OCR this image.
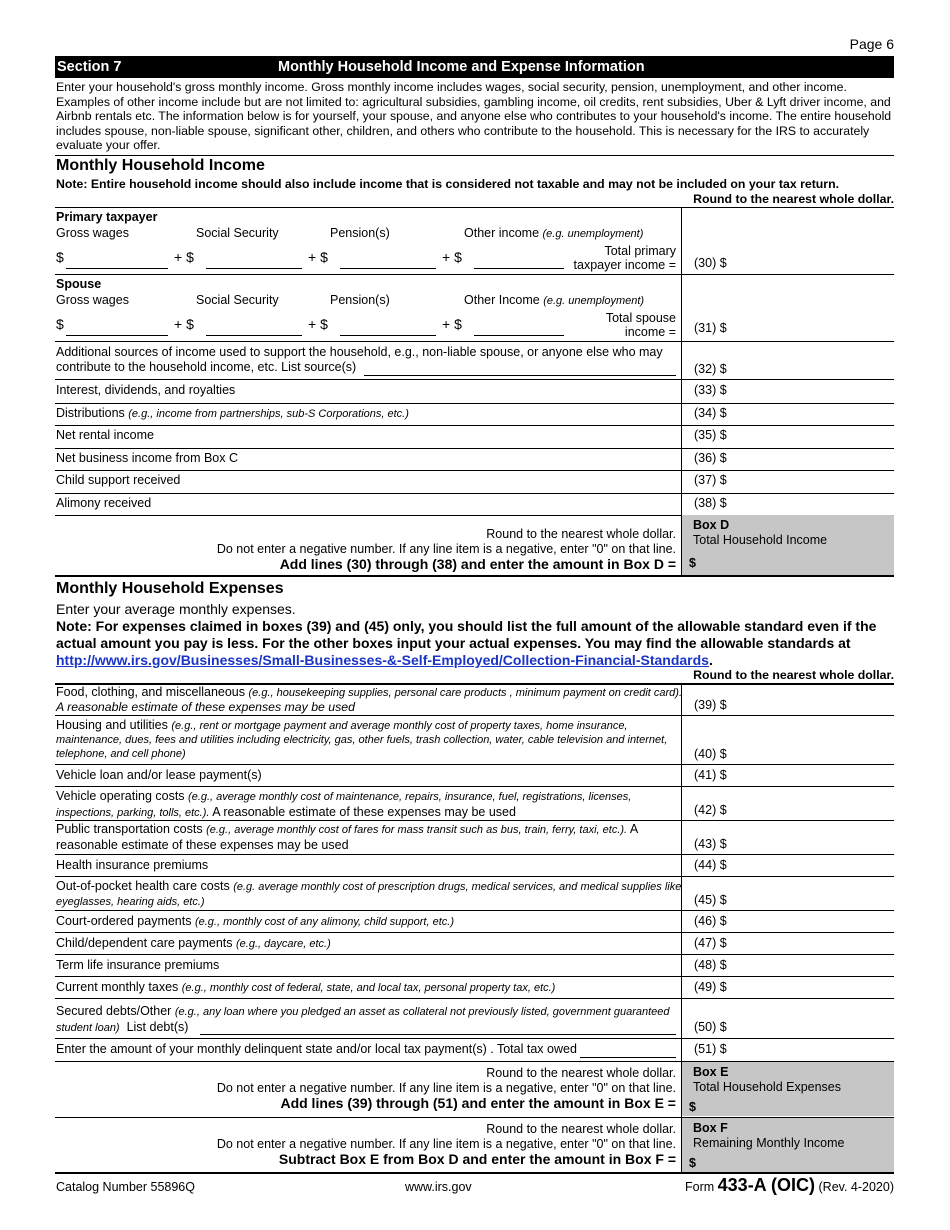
Page 6
Section 7	Monthly Household Income and Expense Information
Enter your household's gross monthly income. Gross monthly income includes wages, social security, pension, unemployment, and other income. Examples of other income include but are not limited to: agricultural subsidies, gambling income, oil credits, rent subsidies, Uber & Lyft driver income, and Airbnb rentals etc. The information below is for yourself, your spouse, and anyone else who contributes to your household's income. The entire household includes spouse, non-liable spouse, significant other, children, and others who contribute to the household. This is necessary for the IRS to accurately evaluate your offer.
Monthly Household Income
Note: Entire household income should also include income that is considered not taxable and may not be included on your tax return.
Round to the nearest whole dollar.
Primary taxpayer
Gross wages	Social Security	Pension(s)	Other income (e.g. unemployment)
$	+ $	+ $	+ $	Total primary
taxpayer income = (30) $
Spouse
Gross wages	Social Security	Pension(s)	Other Income (e.g. unemployment)
$	+ $	+ $	+ $	Total spouse
income = (31) $
Additional sources of income used to support the household, e.g., non-liable spouse, or anyone else who may
contribute to the household income, etc. List source(s)	(32) $
Interest, dividends, and royalties	(33) $
Distributions (e.g., income from partnerships, sub-S Corporations, etc.)	(34) $
Net rental income	(35) $
Net business income from Box C	(36) $
Child support received	(37) $
Alimony received	(38) $
Box D
Total Household Income
$
Round to the nearest whole dollar.
Do not enter a negative number. If any line item is a negative, enter "0" on that line.
Add lines (30) through (38) and enter the amount in Box D =
Monthly Household Expenses
Enter your average monthly expenses.
Note: For expenses claimed in boxes (39) and (45) only, you should list the full amount of the allowable standard even if the actual amount you pay is less. For the other boxes input your actual expenses. You may find the allowable standards at http://www.irs.gov/Businesses/Small-Businesses-&-Self-Employed/Collection-Financial-Standards.
Round to the nearest whole dollar.
Food, clothing, and miscellaneous (e.g., housekeeping supplies, personal care products , minimum payment on credit card).
A reasonable estimate of these expenses may be used	(39) $
Housing and utilities (e.g., rent or mortgage payment and average monthly cost of property taxes, home insurance,
maintenance, dues, fees and utilities including electricity, gas, other fuels, trash collection, water, cable television and internet,
telephone, and cell phone)	(40) $
Vehicle loan and/or lease payment(s)	(41) $
Vehicle operating costs (e.g., average monthly cost of maintenance, repairs, insurance, fuel, registrations, licenses,
inspections, parking, tolls, etc.). A reasonable estimate of these expenses may be used	(42) $
Public transportation costs (e.g., average monthly cost of fares for mass transit such as bus, train, ferry, taxi, etc.). A
reasonable estimate of these expenses may be used	(43) $
Health insurance premiums	(44) $
Out-of-pocket health care costs (e.g. average monthly cost of prescription drugs, medical services, and medical supplies like
eyeglasses, hearing aids, etc.)	(45) $
Court-ordered payments (e.g., monthly cost of any alimony, child support, etc.)	(46) $
Child/dependent care payments (e.g., daycare, etc.)	(47) $
Term life insurance premiums	(48) $
Current monthly taxes (e.g., monthly cost of federal, state, and local tax, personal property tax, etc.)	(49) $
Secured debts/Other (e.g., any loan where you pledged an asset as collateral not previously listed, government guaranteed
student loan) List debt(s)	(50) $
Enter the amount of your monthly delinquent state and/or local tax payment(s) . Total tax owed	(51) $
Box E
Total Household Expenses
$
Round to the nearest whole dollar.
Do not enter a negative number. If any line item is a negative, enter "0" on that line.
Add lines (39) through (51) and enter the amount in Box E =
Box F
Remaining Monthly Income
$
Round to the nearest whole dollar.
Do not enter a negative number. If any line item is a negative, enter "0" on that line.
Subtract Box E from Box D and enter the amount in Box F =
Catalog Number 55896Q	www.irs.gov	Form 433-A (OIC) (Rev. 4-2020)
